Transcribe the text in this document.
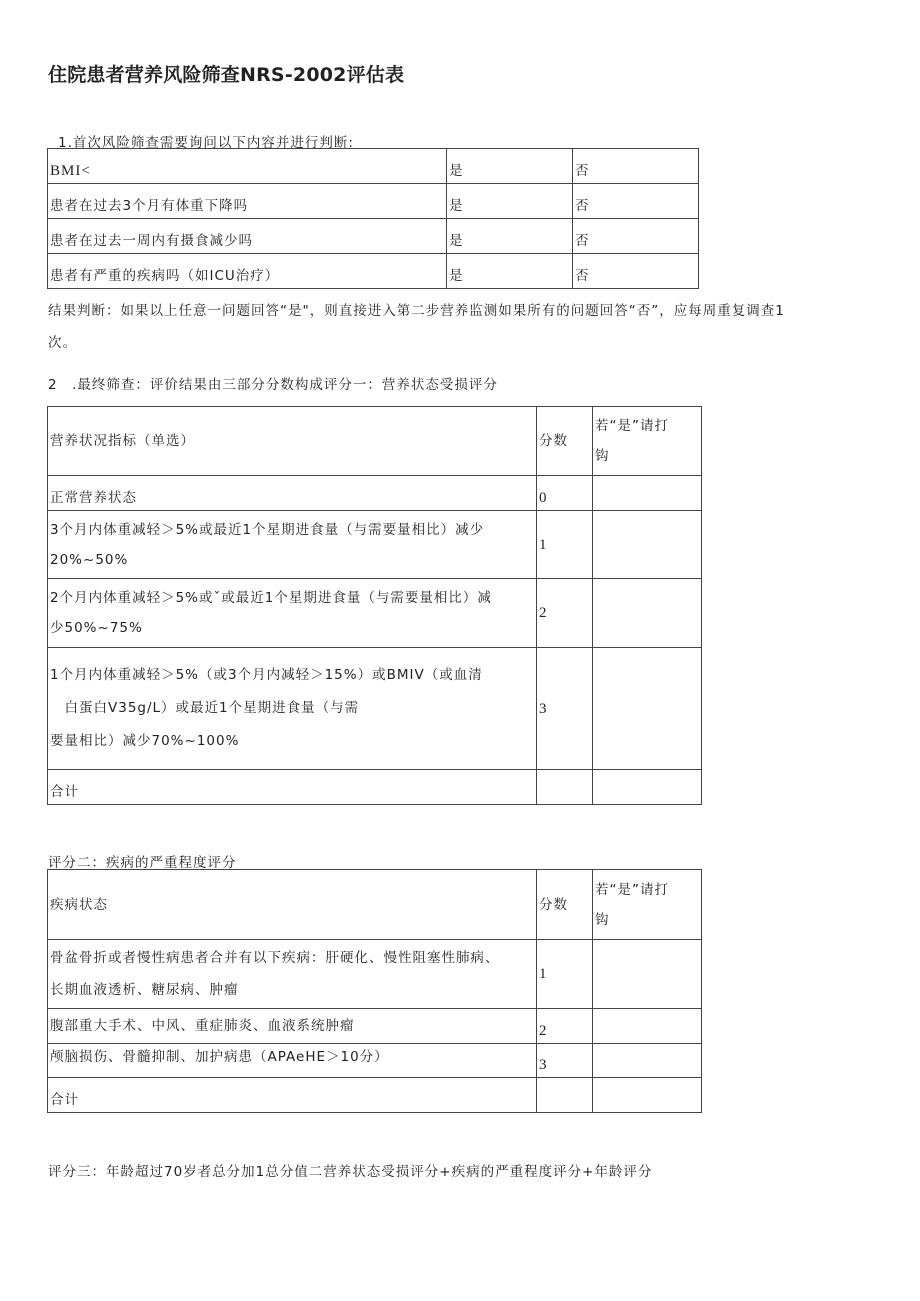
住院患者营养风险筛查NRS-2002评估表
1.首次风险筛查需要询问以下内容并进行判断:
BMI<	是	否
患者在过去3个月有体重下降吗	是	否
患者在过去一周内有摄食减少吗	是	否
患者有严重的疾病吗（如ICU治疗）	是	否
结果判断：如果以上任意一问题回答“是"，则直接进入第二步营养监测如果所有的问题回答“否”，应每周重复调查1
次。
2　.最终筛查：评价结果由三部分分数构成评分一：营养状态受损评分
营养状况指标（单选）	分数	若“是”请打
钩

正常营养状态	0	

3个月内体重减轻＞5%或最近1个星期进食量（与需要量相比）减少
20%~50%	1	

2个月内体重减轻＞5%或ˇ或最近1个星期进食量（与需要量相比）减
少50%~75%	2	

1个月内体重减轻＞5%（或3个月内减轻＞15%）或BMIV（或血清
　白蛋白V35g/L）或最近1个星期进食量（与需
要量相比）减少70%~100%	3	
合计		
评分二：疾病的严重程度评分
疾病状态	分数	若“是”请打
钩

骨盆骨折或者慢性病患者合并有以下疾病：肝硬化、慢性阻塞性肺病、
长期血液透析、糖尿病、肿瘤	1	

腹部重大手术、中风、重症肺炎、血液系统肿瘤	2	

颅脑损伤、骨髓抑制、加护病患（APAeHE＞10分）	3	
合计		
评分三：年龄超过70岁者总分加1总分值二营养状态受损评分+疾病的严重程度评分+年龄评分
